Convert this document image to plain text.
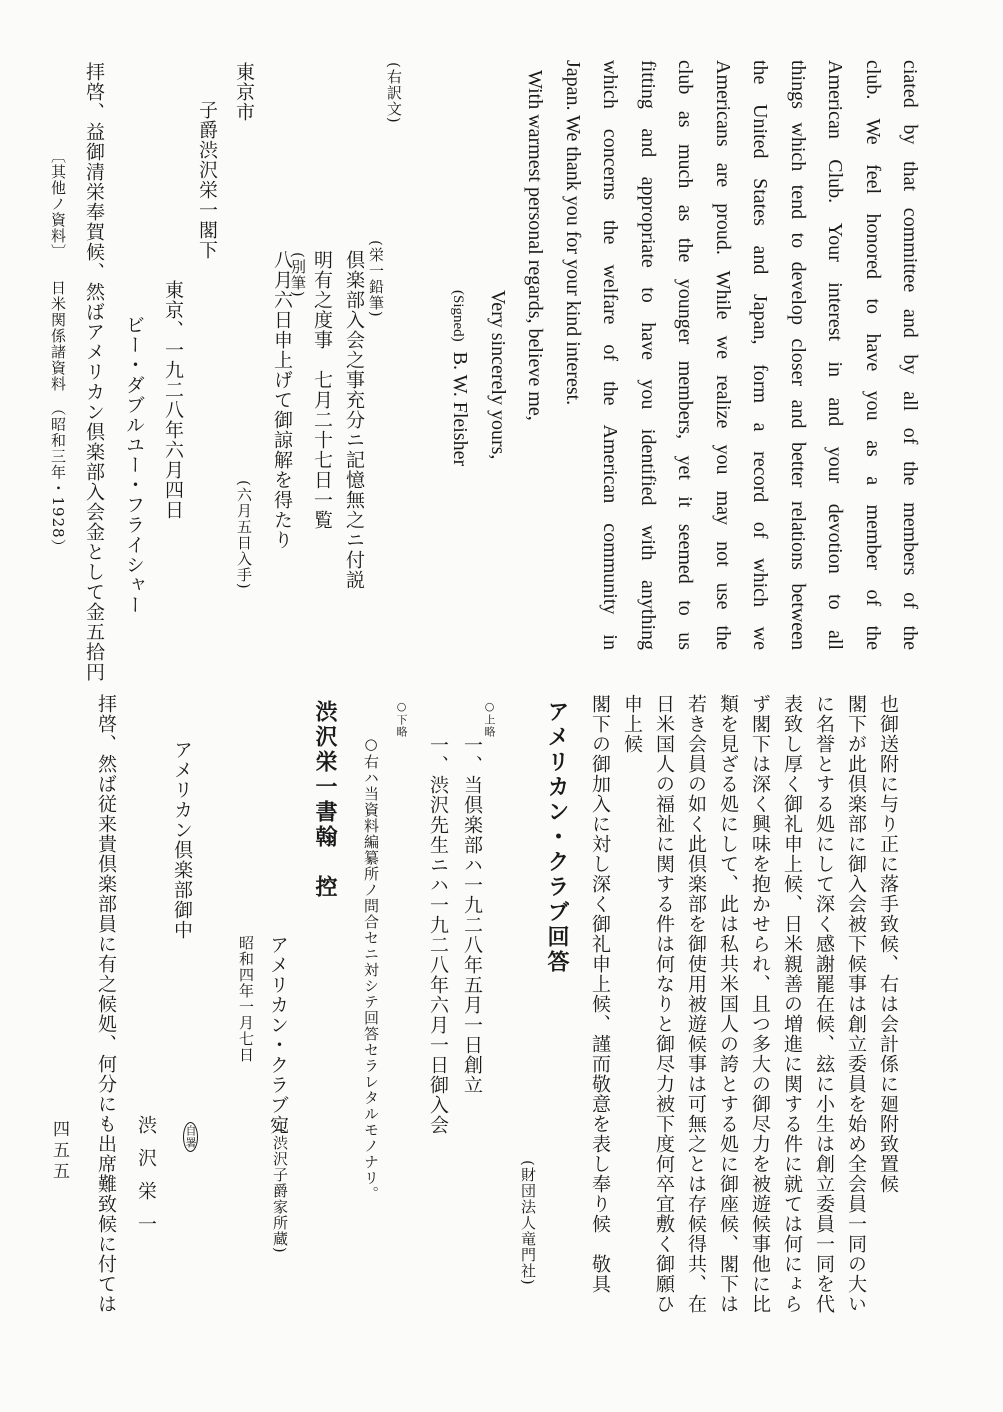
ciated by that committee and by all of the members of the
club. We feel honored to have you as a member of the
American Club. Your interest in and your devotion to all
things which tend to develop closer and better relations between
the United States and Japan, form a record of which we
Americans are proud. While we realize you may not use the
club as much as the younger members, yet it seemed to us
fitting and appropriate to have you identified with anything
which concerns the welfare of the American community in
Japan. We thank you for your kind interest.
With warmest personal regards, believe me,
Very sincerely yours,
(Signed)  B. W. Fleisher
(栄一鉛筆)
倶楽部入会之事充分ニ記憶無之ニ付説
明有之度事　七月二十七日一覧
(別筆)
八月六日申上げて御諒解を得たり
(六月五日入手)
(右訳文)
東京市
子爵渋沢栄一閣下
東京、一九二八年六月四日
ビー・ダブルユー・フライシャー
拝啓、益御清栄奉賀候、然ばアメリカン倶楽部入会金として金五拾円
〔其他ノ資料〕
日米関係諸資料　（昭和三年・1928）
也御送附に与り正に落手致候、右は会計係に廻附致置候
閣下が此倶楽部に御入会被下候事は創立委員を始め全会員一同の大い
に名誉とする処にして深く感謝罷在候、玆に小生は創立委員一同を代
表致し厚く御礼申上候、日米親善の増進に関する件に就ては何にょら
ず閣下は深く興味を抱かせられ、且つ多大の御尽力を被遊候事他に比
類を見ざる処にして、此は私共米国人の誇とする処に御座候、閣下は
若き会員の如く此倶楽部を御使用被遊候事は可無之とは存候得共、在
日米国人の福祉に関する件は何なりと御尽力被下度何卒宜敷く御願ひ
申上候
閣下の御加入に対し深く御礼申上候、謹而敬意を表し奉り候　敬具
アメリカン・クラブ回答
(財団法人竜門社)
○上略
一、当倶楽部ハ一九二八年五月一日創立
一、渋沢先生ニハ一九二八年六月一日御入会
○下略
○右ハ当資料編纂所ノ問合セニ対シテ回答セラレタルモノナリ。
渋沢栄一書翰　控
アメリカン・クラブ宛
(渋沢子爵家所蔵)
昭和四年一月七日
自署
アメリカン倶楽部御中
渋沢栄一
拝啓、然ば従来貴倶楽部員に有之候処、何分にも出席難致候に付ては
四五五
